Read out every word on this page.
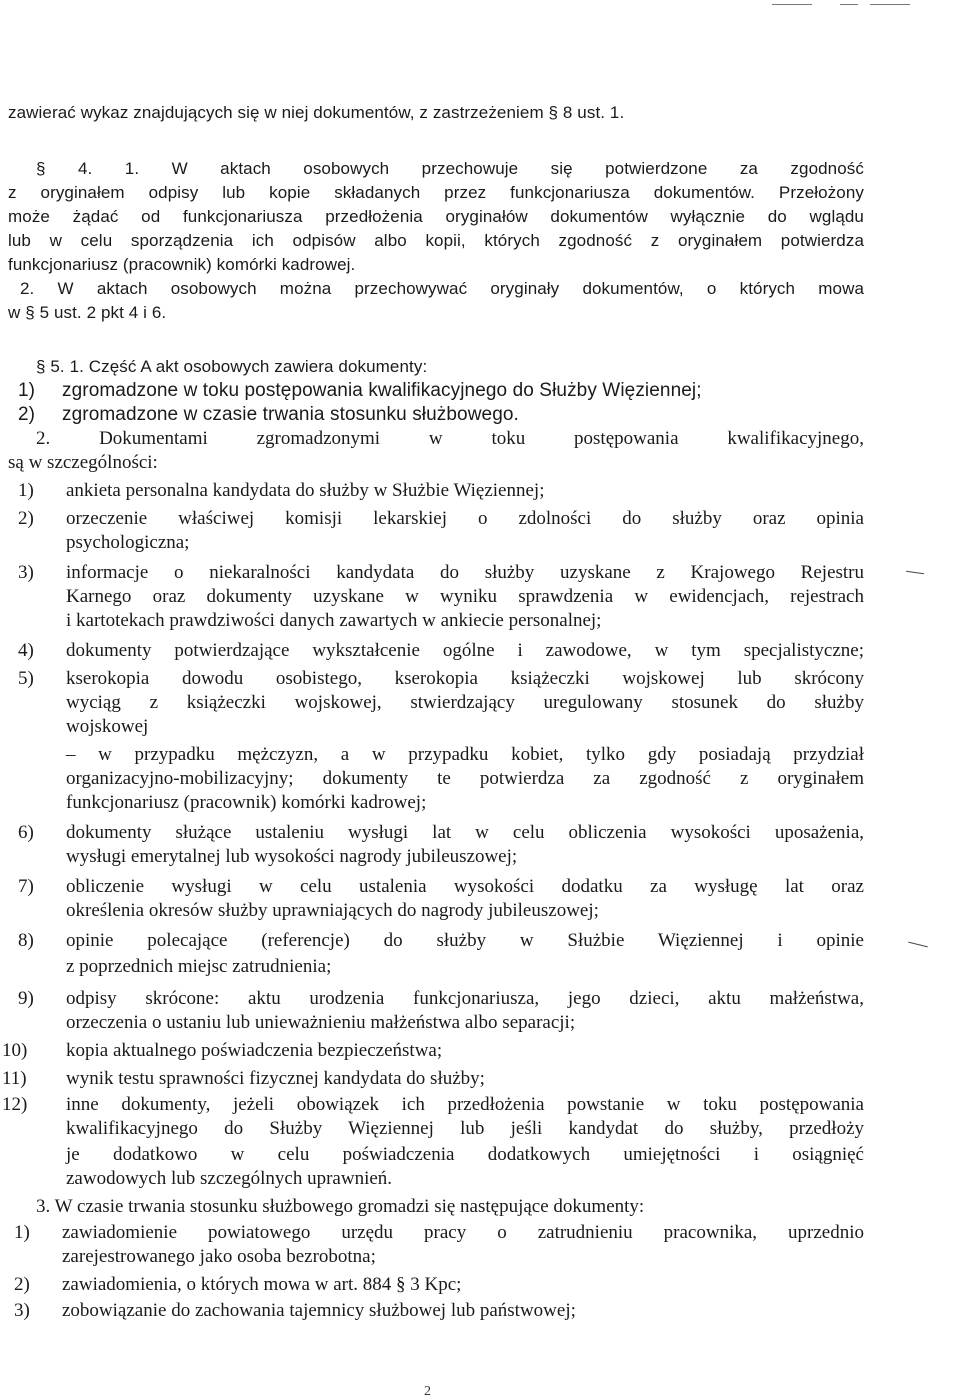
zawierać wykaz znajdujących się w niej dokumentów, z zastrzeżeniem § 8 ust. 1.
§ 4. 1. W aktach osobowych przechowuje się potwierdzone za zgodność
z oryginałem odpisy lub kopie składanych przez funkcjonariusza dokumentów. Przełożony
może żądać od funkcjonariusza przedłożenia oryginałów dokumentów wyłącznie do wglądu
lub w celu sporządzenia ich odpisów albo kopii, których zgodność z oryginałem potwierdza
funkcjonariusz (pracownik) komórki kadrowej.
2. W aktach osobowych można przechowywać oryginały dokumentów, o których mowa
w § 5 ust. 2 pkt 4 i 6.
§ 5. 1. Część A akt osobowych zawiera dokumenty:
1) zgromadzone w toku postępowania kwalifikacyjnego do Służby Więziennej;
2) zgromadzone w czasie trwania stosunku służbowego.
2. Dokumentami zgromadzonymi w toku postępowania kwalifikacyjnego,
są w szczególności:
1) ankieta personalna kandydata do służby w Służbie Więziennej;
2) orzeczenie właściwej komisji lekarskiej o zdolności do służby oraz opinia
psychologiczna;
3) informacje o niekaralności kandydata do służby uzyskane z Krajowego Rejestru
Karnego oraz dokumenty uzyskane w wyniku sprawdzenia w ewidencjach, rejestrach
i kartotekach prawdziwości danych zawartych w ankiecie personalnej;
4) dokumenty potwierdzające wykształcenie ogólne i zawodowe, w tym specjalistyczne;
5) kserokopia dowodu osobistego, kserokopia książeczki wojskowej lub skrócony
wyciąg z książeczki wojskowej, stwierdzający uregulowany stosunek do służby
wojskowej
– w przypadku mężczyzn, a w przypadku kobiet, tylko gdy posiadają przydział
organizacyjno-mobilizacyjny; dokumenty te potwierdza za zgodność z oryginałem
funkcjonariusz (pracownik) komórki kadrowej;
6) dokumenty służące ustaleniu wysługi lat w celu obliczenia wysokości uposażenia,
wysługi emerytalnej lub wysokości nagrody jubileuszowej;
7) obliczenie wysługi w celu ustalenia wysokości dodatku za wysługę lat oraz
określenia okresów służby uprawniających do nagrody jubileuszowej;
8) opinie polecające (referencje) do służby w Służbie Więziennej i opinie
z poprzednich miejsc zatrudnienia;
9) odpisy skrócone: aktu urodzenia funkcjonariusza, jego dzieci, aktu małżeństwa,
orzeczenia o ustaniu lub unieważnieniu małżeństwa albo separacji;
10) kopia aktualnego poświadczenia bezpieczeństwa;
11) wynik testu sprawności fizycznej kandydata do służby;
12) inne dokumenty, jeżeli obowiązek ich przedłożenia powstanie w toku postępowania
kwalifikacyjnego do Służby Więziennej lub jeśli kandydat do służby, przedłoży
je dodatkowo w celu poświadczenia dodatkowych umiejętności i osiągnięć
zawodowych lub szczególnych uprawnień.
3. W czasie trwania stosunku służbowego gromadzi się następujące dokumenty:
1) zawiadomienie powiatowego urzędu pracy o zatrudnieniu pracownika, uprzednio
zarejestrowanego jako osoba bezrobotna;
2) zawiadomienia, o których mowa w art. 884 § 3 Kpc;
3) zobowiązanie do zachowania tajemnicy służbowej lub państwowej;
2
